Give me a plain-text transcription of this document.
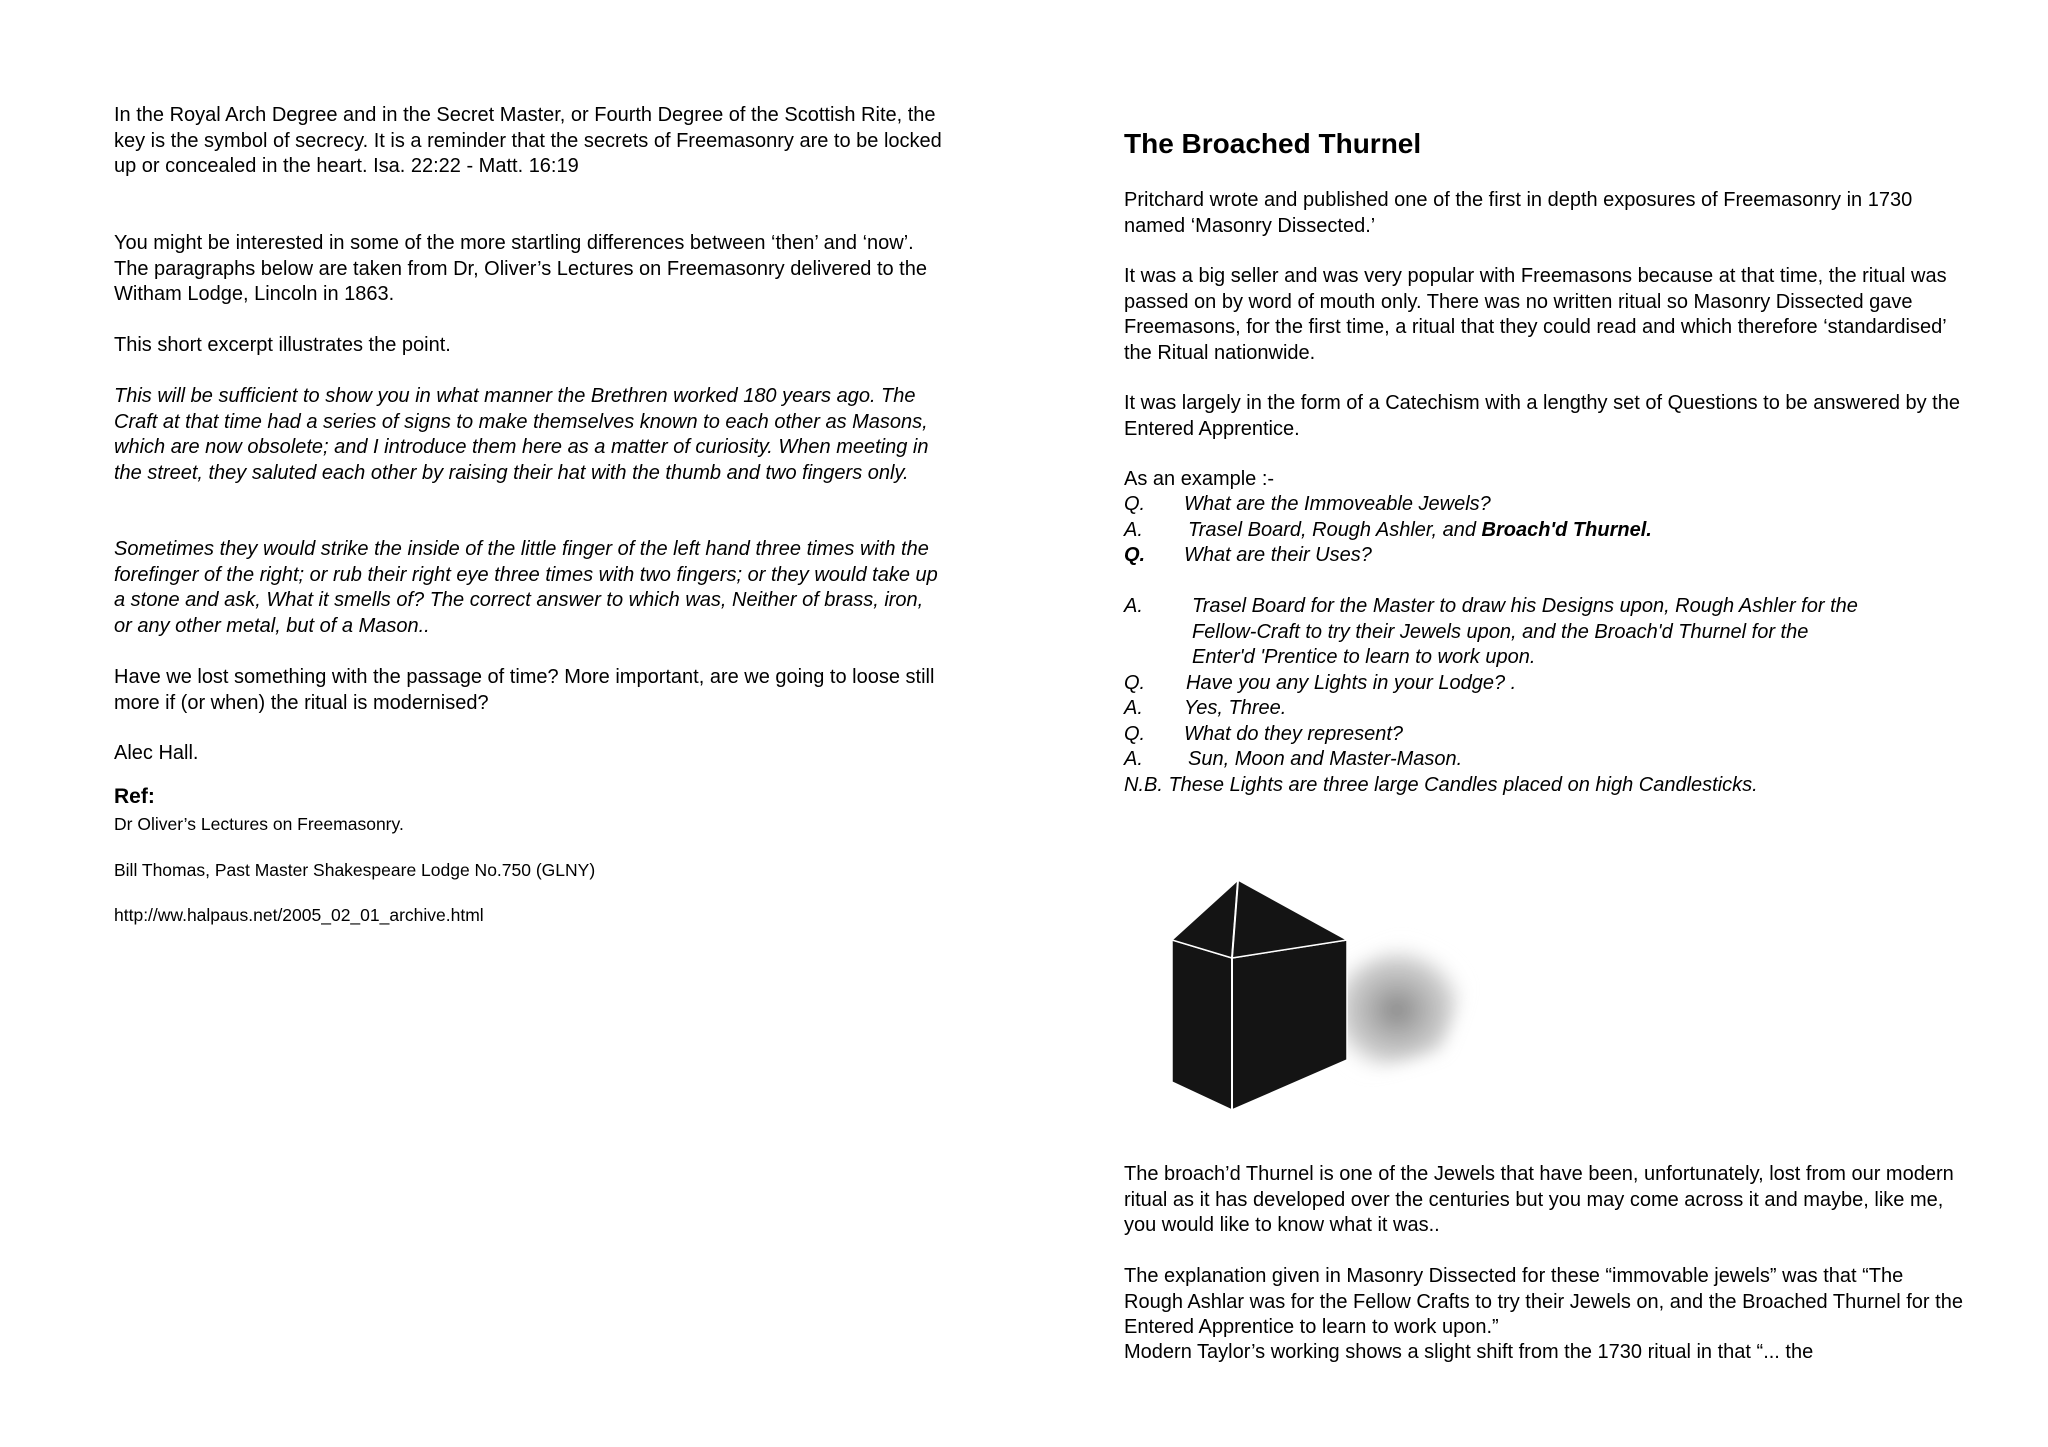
In the Royal Arch Degree and in the Secret Master, or Fourth Degree of the Scottish Rite, the key is the symbol of secrecy. It is a reminder that the secrets of Freemasonry are to be locked up or concealed in the heart. Isa. 22:22 - Matt. 16:19

You might be interested in some of the more startling differences between ‘then’ and ‘now’. The paragraphs below are taken from Dr, Oliver’s Lectures on Freemasonry delivered to the Witham Lodge, Lincoln in 1863.

This short excerpt illustrates the point.

This will be sufficient to show you in what manner the Brethren worked 180 years ago. The Craft at that time had a series of signs to make themselves known to each other as Masons, which are now obsolete; and I introduce them here as a matter of curiosity. When meeting in the street, they saluted each other by raising their hat with the thumb and two fingers only.

Sometimes they would strike the inside of the little finger of the left hand three times with the forefinger of the right; or rub their right eye three times with two fingers; or they would take up a stone and ask, What it smells of? The correct answer to which was, Neither of brass, iron, or any other metal, but of a Mason..

Have we lost something with the passage of time? More important, are we going to loose still more if (or when) the ritual is modernised?

Alec Hall.

Ref:

Dr Oliver’s Lectures on Freemasonry.

Bill Thomas, Past Master Shakespeare Lodge No.750 (GLNY)

http://ww.halpaus.net/2005_02_01_archive.html

The Broached Thurnel

Pritchard wrote and published one of the first in depth exposures of Freemasonry in 1730 named ‘Masonry Dissected.’

It was a big seller and was very popular with Freemasons because at that time, the ritual was passed on by word of mouth only. There was no written ritual so Masonry Dissected gave Freemasons, for the first time, a ritual that they could read and which therefore ‘standardised’ the Ritual nationwide.

It was largely in the form of a Catechism with a lengthy set of Questions to be answered by the Entered Apprentice.

As an example :-

Q.	What are the Immoveable Jewels?
A.	Trasel Board, Rough Ashler, and Broach'd Thurnel.
Q.	What are their Uses?
A.	Trasel Board for the Master to draw his Designs upon, Rough Ashler for the
Fellow-Craft to try their Jewels upon, and the Broach'd Thurnel for the
Enter'd 'Prentice to learn to work upon.
Q.	Have you any Lights in your Lodge? .
A.	Yes, Three.
Q.	What do they represent?
A.	Sun, Moon and Master-Mason.
N.B. These Lights are three large Candles placed on high Candlesticks.

The broach’d Thurnel is one of the Jewels that have been, unfortunately, lost from our modern ritual as it has developed over the centuries but you may come across it and maybe, like me, you would like to know what it was..

The explanation given in Masonry Dissected for these “immovable jewels” was that “The Rough Ashlar was for the Fellow Crafts to try their Jewels on, and the Broached Thurnel for the Entered Apprentice to learn to work upon.”

Modern Taylor’s working shows a slight shift from the 1730 ritual in that “... the
